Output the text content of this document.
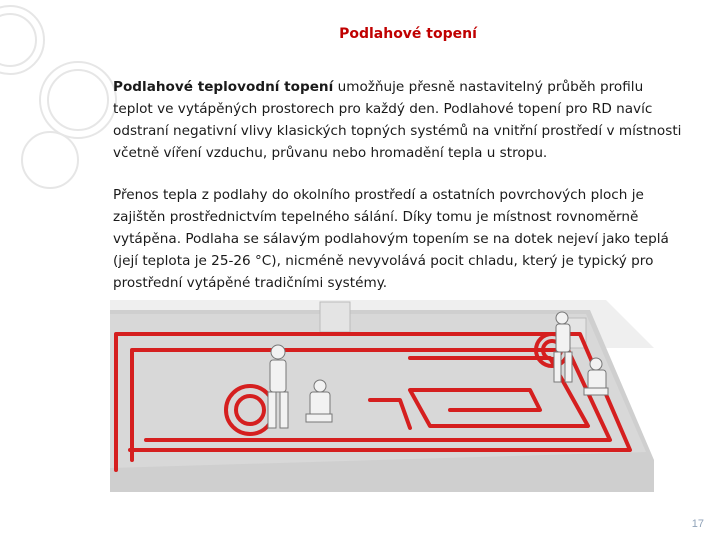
Podlahové topení
Podlahové teplovodní topení umožňuje přesně nastavitelný průběh profilu teplot ve vytápěných prostorech pro každý den. Podlahové topení pro RD navíc odstraní negativní vlivy klasických topných systémů na vnitřní prostředí v místnosti včetně víření vzduchu, průvanu nebo hromadění tepla u stropu.
Přenos tepla z podlahy do okolního prostředí a ostatních povrchových ploch je zajištěn prostřednictvím tepelného sálání. Díky tomu je místnost rovnoměrně vytápěna. Podlaha se sálavým podlahovým topením se na dotek nejeví jako teplá (její teplota je 25-26 °C), nicméně nevyvolává pocit chladu, který je typický pro prostřední vytápěné tradičními systémy.
17
